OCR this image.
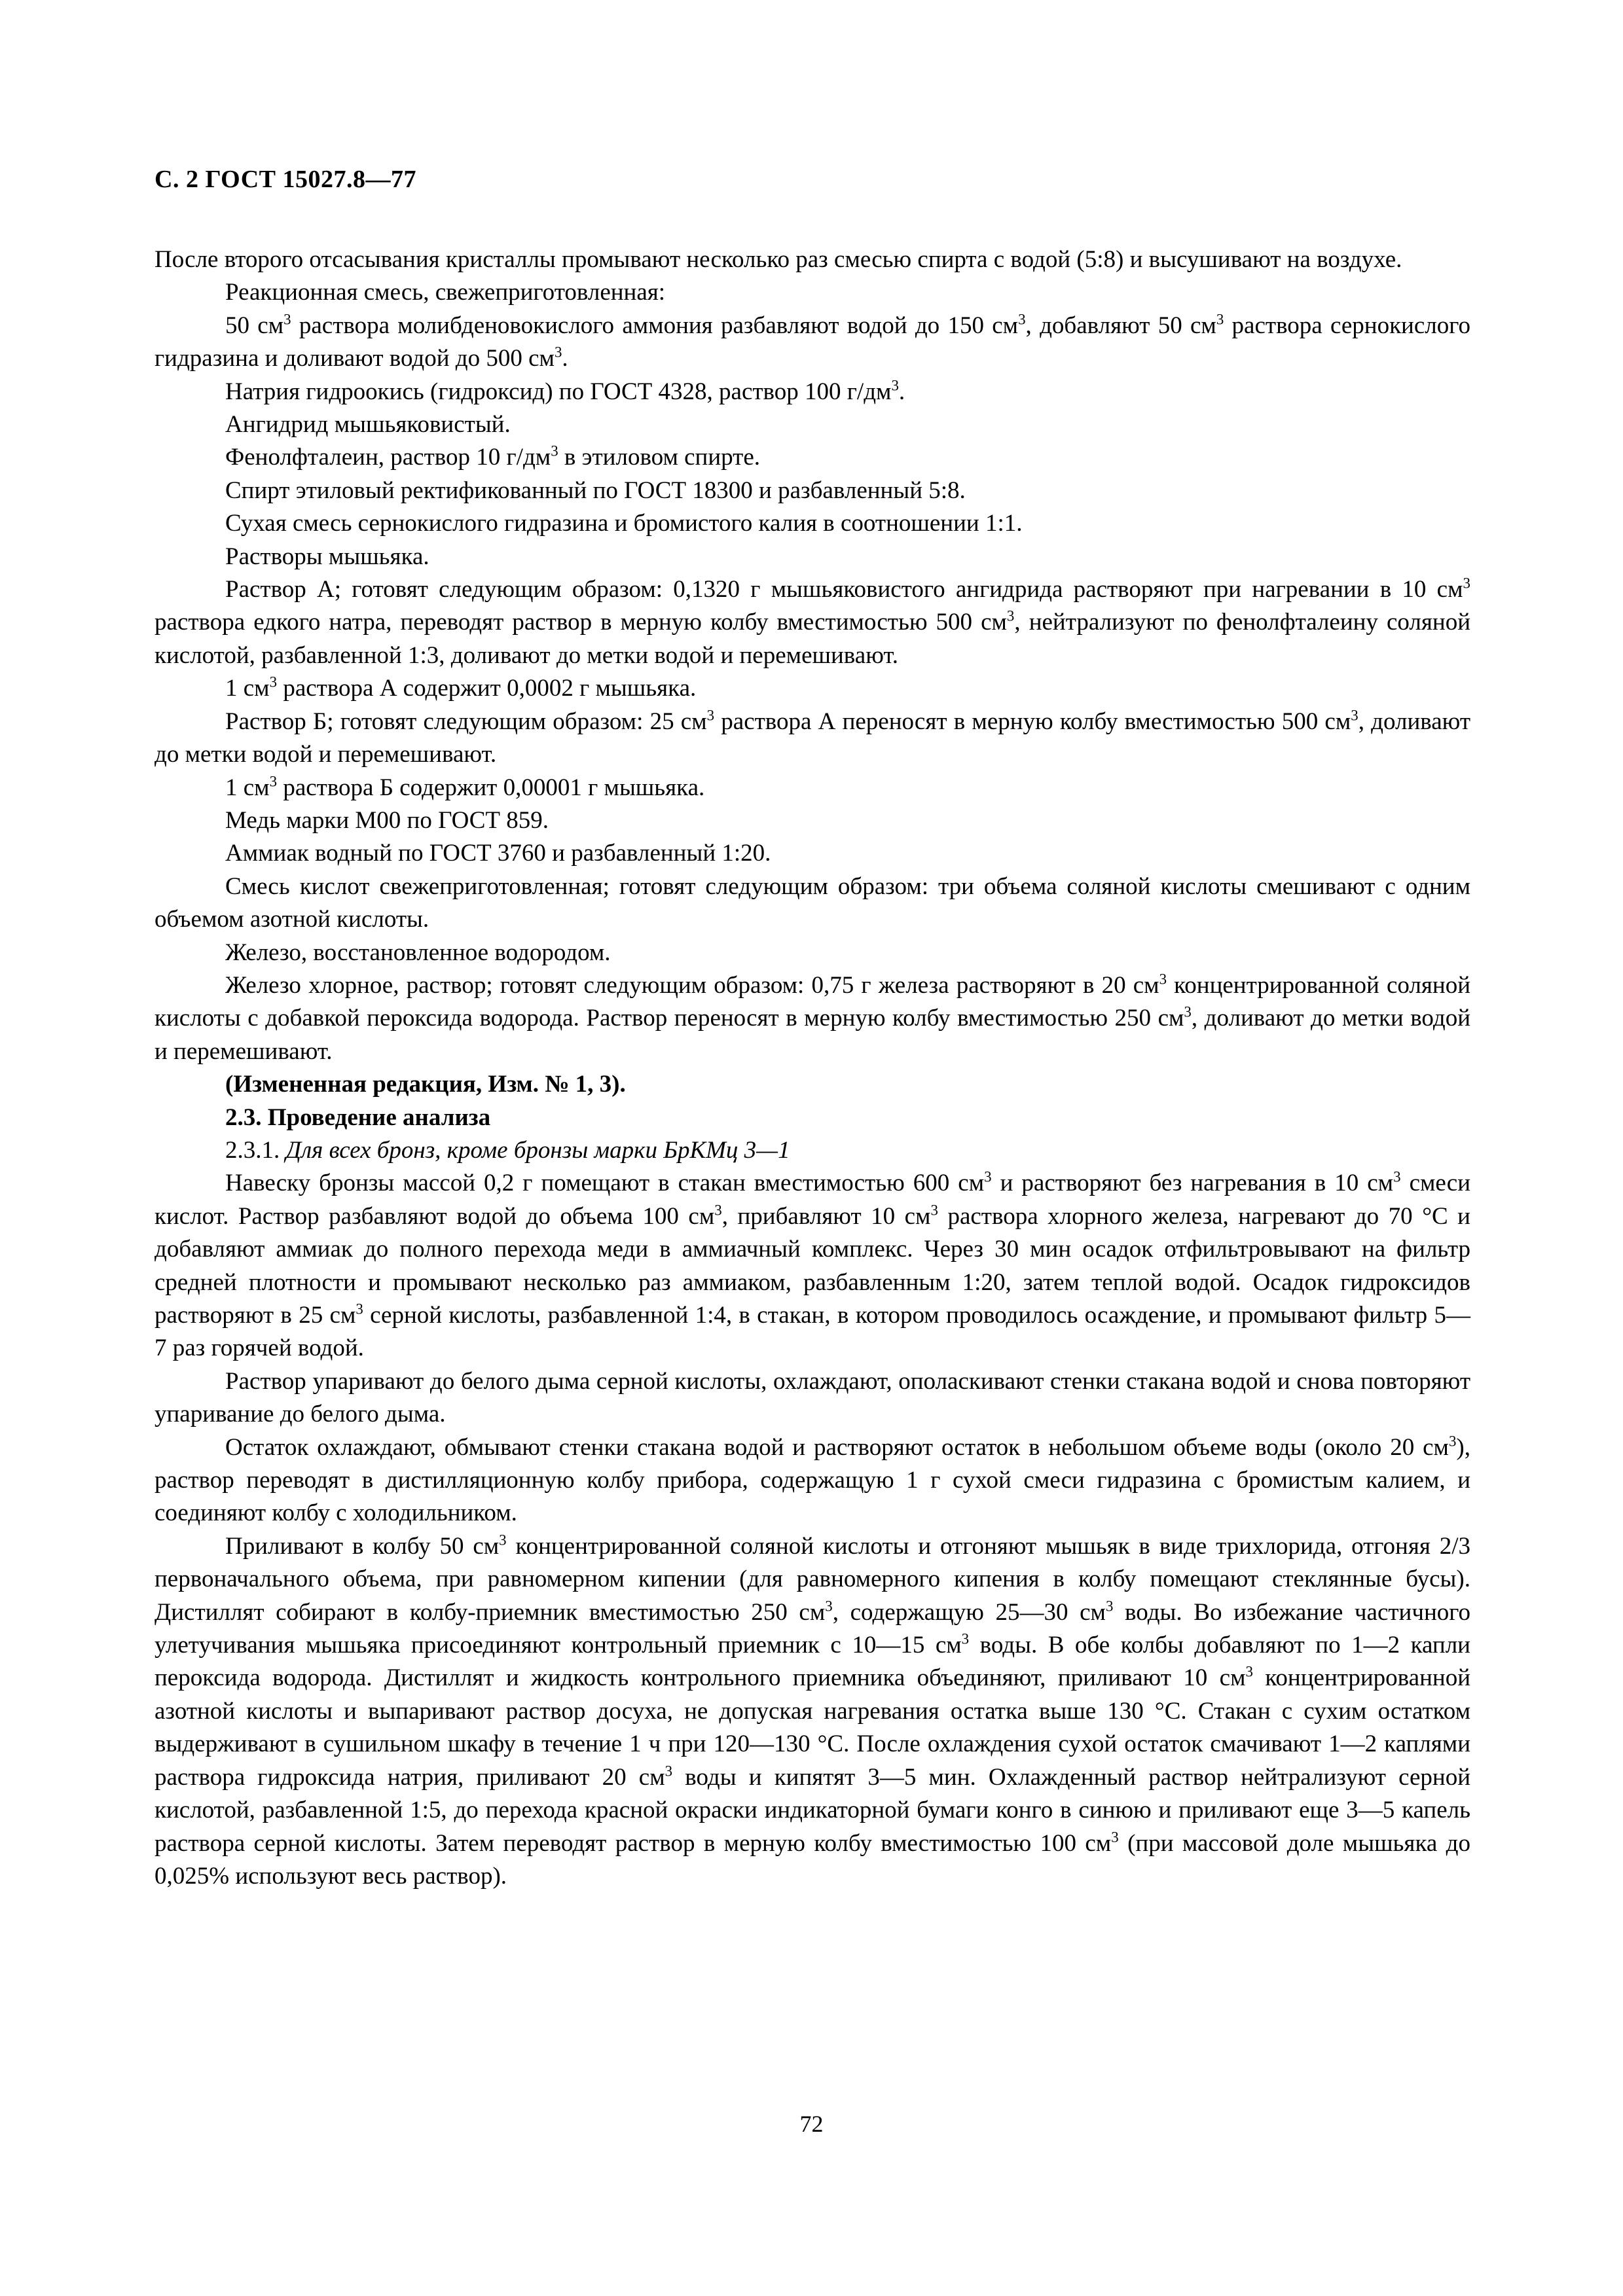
С. 2 ГОСТ 15027.8—77

После второго отсасывания кристаллы промывают несколько раз смесью спирта с водой (5:8) и высушивают на воздухе.

Реакционная смесь, свежеприготовленная:

50 $см^3$ раствора молибденовокислого аммония разбавляют водой до 150 $см^3$, добавляют 50 $см^3$ раствора сернокислого гидразина и доливают водой до 500 $см^3$.

Натрия гидроокись (гидроксид) по ГОСТ 4328, раствор 100 $г/дм^3$.

Ангидрид мышьяковистый.

Фенолфталеин, раствор 10 $г/дм^3$ в этиловом спирте.

Спирт этиловый ректификованный по ГОСТ 18300 и разбавленный 5:8.

Сухая смесь сернокислого гидразина и бромистого калия в соотношении 1:1.

Растворы мышьяка.

Раствор А; готовят следующим образом: 0,1320 г мышьяковистого ангидрида растворяют при нагревании в 10 $см^3$ раствора едкого натра, переводят раствор в мерную колбу вместимостью 500 $см^3$, нейтрализуют по фенолфталеину соляной кислотой, разбавленной 1:3, доливают до метки водой и перемешивают.

1 $см^3$ раствора А содержит 0,0002 г мышьяка.

Раствор Б; готовят следующим образом: 25 $см^3$ раствора А переносят в мерную колбу вместимостью 500 $см^3$, доливают до метки водой и перемешивают.

1 $см^3$ раствора Б содержит 0,00001 г мышьяка.

Медь марки М00 по ГОСТ 859.

Аммиак водный по ГОСТ 3760 и разбавленный 1:20.

Смесь кислот свежеприготовленная; готовят следующим образом: три объема соляной кислоты смешивают с одним объемом азотной кислоты.

Железо, восстановленное водородом.

Железо хлорное, раствор; готовят следующим образом: 0,75 г железа растворяют в 20 $см^3$ концентрированной соляной кислоты с добавкой пероксида водорода. Раствор переносят в мерную колбу вместимостью 250 $см^3$, доливают до метки водой и перемешивают.

(Измененная редакция, Изм. № 1, 3).

2.3. Проведение анализа

2.3.1. Для всех бронз, кроме бронзы марки БрКМц 3—1

Навеску бронзы массой 0,2 г помещают в стакан вместимостью 600 $см^3$ и растворяют без нагревания в 10 $см^3$ смеси кислот. Раствор разбавляют водой до объема 100 $см^3$, прибавляют 10 $см^3$ раствора хлорного железа, нагревают до 70 °С и добавляют аммиак до полного перехода меди в аммиачный комплекс. Через 30 мин осадок отфильтровывают на фильтр средней плотности и промывают несколько раз аммиаком, разбавленным 1:20, затем теплой водой. Осадок гидроксидов растворяют в 25 $см^3$ серной кислоты, разбавленной 1:4, в стакан, в котором проводилось осаждение, и промывают фильтр 5—7 раз горячей водой.

Раствор упаривают до белого дыма серной кислоты, охлаждают, ополаскивают стенки стакана водой и снова повторяют упаривание до белого дыма.

Остаток охлаждают, обмывают стенки стакана водой и растворяют остаток в небольшом объеме воды (около 20 $см^3$), раствор переводят в дистилляционную колбу прибора, содержащую 1 г сухой смеси гидразина с бромистым калием, и соединяют колбу с холодильником.

Приливают в колбу 50 $см^3$ концентрированной соляной кислоты и отгоняют мышьяк в виде трихлорида, отгоняя 2/3 первоначального объема, при равномерном кипении (для равномерного кипения в колбу помещают стеклянные бусы). Дистиллят собирают в колбу-приемник вместимостью 250 $см^3$, содержащую 25—30 $см^3$ воды. Во избежание частичного улетучивания мышьяка присоединяют контрольный приемник с 10—15 $см^3$ воды. В обе колбы добавляют по 1—2 капли пероксида водорода. Дистиллят и жидкость контрольного приемника объединяют, приливают 10 $см^3$ концентрированной азотной кислоты и выпаривают раствор досуха, не допуская нагревания остатка выше 130 °С. Стакан с сухим остатком выдерживают в сушильном шкафу в течение 1 ч при 120—130 °С. После охлаждения сухой остаток смачивают 1—2 каплями раствора гидроксида натрия, приливают 20 $см^3$ воды и кипятят 3—5 мин. Охлажденный раствор нейтрализуют серной кислотой, разбавленной 1:5, до перехода красной окраски индикаторной бумаги конго в синюю и приливают еще 3—5 капель раствора серной кислоты. Затем переводят раствор в мерную колбу вместимостью 100 $см^3$ (при массовой доле мышьяка до 0,025% используют весь раствор).

72
